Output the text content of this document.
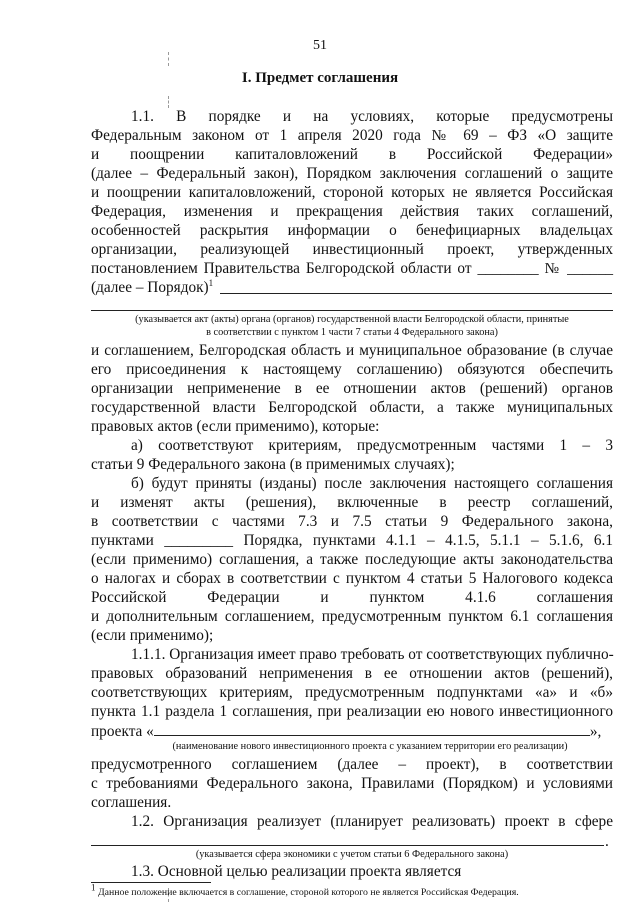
51
I. Предмет соглашения
1.1. В порядке и на условиях, которые предусмотрены
Федеральным законом от 1 апреля 2020 года № 69 – ФЗ «О защите
и поощрении капиталовложений в Российской Федерации»
(далее – Федеральный закон), Порядком заключения соглашений о защите
и поощрении капиталовложений, стороной которых не является Российская
Федерация, изменения и прекращения действия таких соглашений,
особенностей раскрытия информации о бенефициарных владельцах
организации, реализующей инвестиционный проект, утвержденных
постановлением Правительства Белгородской области от ________ № ______
(далее – Порядок)$^1$
(указывается акт (акты) органа (органов) государственной власти Белгородской области, принятые
в соответствии с пунктом 1 части 7 статьи 4 Федерального закона)
и соглашением, Белгородская область и муниципальное образование (в случае
его присоединения к настоящему соглашению) обязуются обеспечить
организации неприменение в ее отношении актов (решений) органов
государственной власти Белгородской области, а также муниципальных
правовых актов (если применимо), которые:
а) соответствуют критериям, предусмотренным частями 1 – 3
статьи 9 Федерального закона (в применимых случаях);
б) будут приняты (изданы) после заключения настоящего соглашения
и изменят акты (решения), включенные в реестр соглашений,
в соответствии с частями 7.3 и 7.5 статьи 9 Федерального закона,
пунктами _________ Порядка, пунктами 4.1.1 – 4.1.5, 5.1.1 – 5.1.6, 6.1
(если применимо) соглашения, а также последующие акты законодательства
о налогах и сборах в соответствии с пунктом 4 статьи 5 Налогового кодекса
Российской Федерации и пунктом 4.1.6 соглашения
и дополнительным соглашением, предусмотренным пунктом 6.1 соглашения
(если применимо);
1.1.1. Организация имеет право требовать от соответствующих публично-
правовых образований неприменения в ее отношении актов (решений),
соответствующих критериям, предусмотренным подпунктами «а» и «б»
пункта 1.1 раздела 1 соглашения, при реализации ею нового инвестиционного
проекта «	»,
(наименование нового инвестиционного проекта с указанием территории его реализации)
предусмотренного соглашением (далее – проект), в соответствии
с требованиями Федерального закона, Правилами (Порядком) и условиями
соглашения.
1.2. Организация реализует (планирует реализовать) проект в сфере
.
(указывается сфера экономики с учетом статьи 6 Федерального закона)
1.3. Основной целью реализации проекта является
$^1$ Данное положение включается в соглашение, стороной которого не является Российская Федерация.
